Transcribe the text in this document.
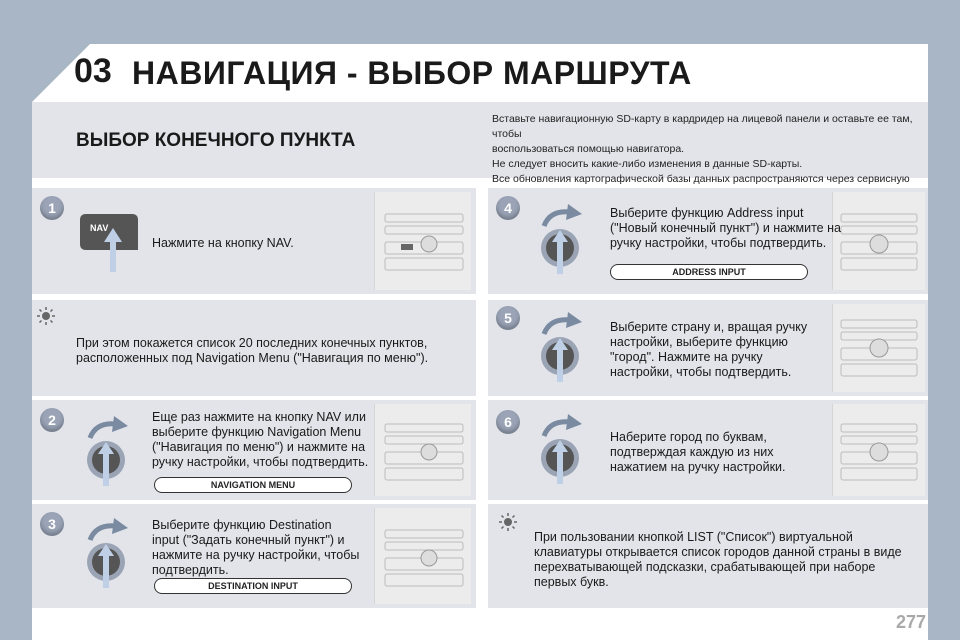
03 НАВИГАЦИЯ - ВЫБОР МАРШРУТА
ВЫБОР КОНЕЧНОГО ПУНКТА

Вставьте навигационную SD-карту в кардридер на лицевой панели и оставьте ее там, чтобы

воспользоваться помощью навигатора.

Не следует вносить какие-либо изменения в данные SD-карты.

Все обновления картографической базы данных распространяются через сервисную

1
NAV
Нажмите на кнопку NAV.
При этом покажется список 20 последних конечных пунктов,
расположенных под Navigation Menu ("Навигация по меню").
2	Еще раз нажмите на кнопку NAV или
выберите функцию Navigation Menu
("Навигация по меню") и нажмите на
ручку настройки, чтобы подтвердить.
NAVIGATION MENU
3	Выберите функцию Destination
input ("Задать конечный пункт") и
нажмите на ручку настройки, чтобы
подтвердить.
DESTINATION INPUT
4	Выберите функцию Address input
("Новый конечный пункт") и нажмите на
ручку настройки, чтобы подтвердить.
ADDRESS INPUT
5
Выберите страну и, вращая ручку
настройки, выберите функцию
"город". Нажмите на ручку
настройки, чтобы подтвердить.
6
Наберите город по буквам,
подтверждая каждую из них
нажатием на ручку настройки.
При пользовании кнопкой LIST ("Список") виртуальной
клавиатуры открывается список городов данной страны в виде
перехватывающей подсказки, срабатывающей при наборе
первых букв.
carmanualsonline.info	277
